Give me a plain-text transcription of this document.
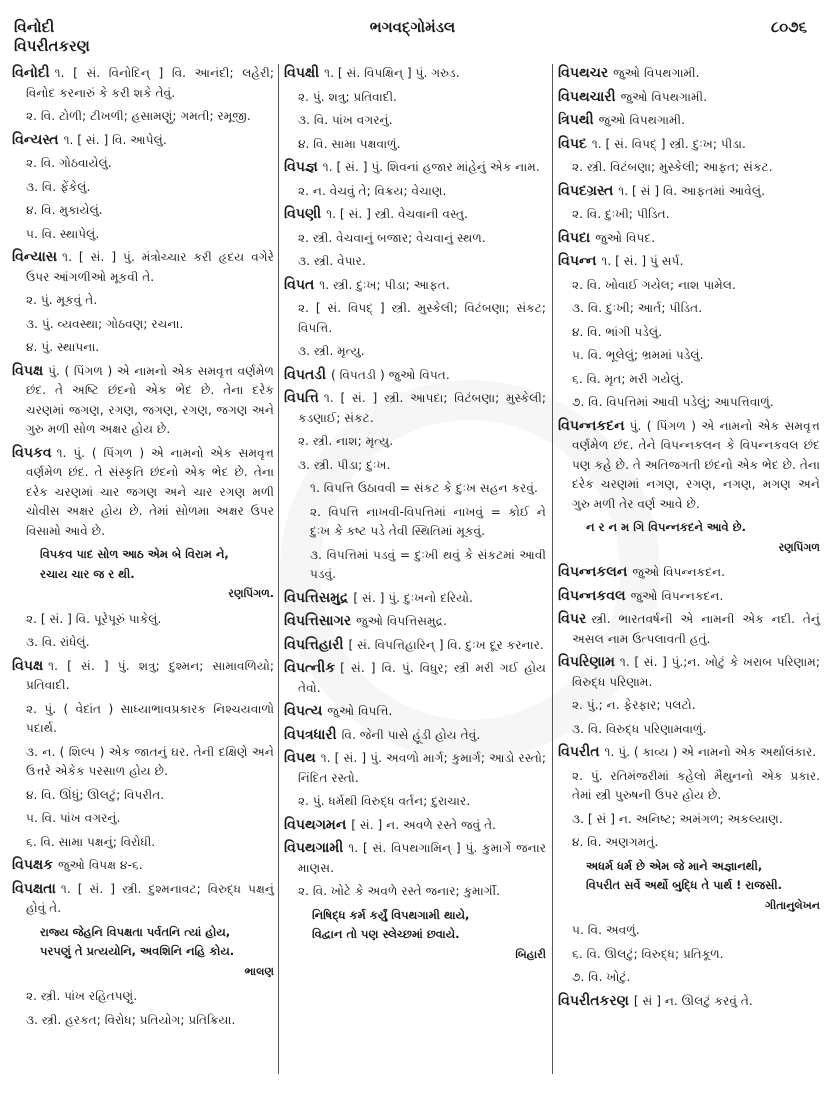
વિનોદી
વિપરીતકરણ
ભગવદ્ગોમંડલ	૮૦૭૬

વિનોદી ૧. [ સં. વિનોદિન્ ] વિ. આનંદી; લહેરી; વિનોદ કરનારું કે કરી શકે તેવું.

૨. વિ. ટોળી; ટીખળી; હસામણું; ગમતી; રમૂજી.

વિન્યસ્ત ૧. [ સં. ] વિ. આપેલું.

૨. વિ. ગોઠવાયેલું.

૩. વિ. ફેંકેલું.

૪. વિ. મુકાયેલું.

૫. વિ. સ્થાપેલું.

વિન્યાસ ૧. [ સં. ] પું. મંત્રોચ્ચાર કરી હૃદય વગેરે ઉપર આંગળીઓ મૂકવી તે.

૨. પું. મૂકવું તે.

૩. પું. વ્યવસ્થા; ગોઠવણ; રચના.

૪. પું. સ્થાપના.

વિપક્ષ પું. ( પિંગળ ) એ નામનો એક સમવૃત્ત વર્ણમેળ છંદ. તે અષ્ટિ છંદનો એક ભેદ છે. તેના દરેક ચરણમાં જગણ, રગણ, જગણ, રગણ, જગણ અને ગુરુ મળી સોળ અક્ષર હોય છે.

વિપકવ ૧. પું. ( પિંગળ ) એ નામનો એક સમવૃત્ત વર્ણમેળ છંદ. તે સંસ્કૃતિ છંદનો એક ભેદ છે. તેના દરેક ચરણમાં ચાર જગણ અને ચાર રગણ મળી ચોવીસ અક્ષર હોય છે. તેમાં સોળમા અક્ષર ઉપર વિસામો આવે છે.

વિપકવ પાદ સોળ આઠ એમ બે વિરામ ને,

રચાય ચાર જ ર થી.

રણપિંગળ.

૨. [ સં. ] વિ. પૂરેપૂરું પાકેલું.

૩. વિ. રાંધેલું.

વિપક્ષ ૧. [ સં. ] પું. શત્રુ; દુશ્મન; સામાવળિયો; પ્રતિવાદી.

૨. પું. ( વેદાંત ) સાધ્યાભાવપ્રકારક નિશ્ચયવાળો પદાર્થ.

૩. ન. ( શિલ્પ ) એક જાતનું ઘર. તેની દક્ષિણે અને ઉત્તરે એકેક પરસાળ હોય છે.

૪. વિ. ઊંધું; ઊલટું; વિપરીત.

૫. વિ. પાંખ વગરનું.

૬. વિ. સામા પક્ષનું; વિરોધી.

વિપક્ષક જુઓ વિપક્ષ ૪-૬.

વિપક્ષતા ૧. [ સં. ] સ્ત્રી. દુશ્મનાવટ; વિરુદ્ધ પક્ષનું હોવું તે.

રાજ્ય જેહનિ વિપક્ષતા પર્વતનિ ત્યાં હોય,

પરપણું તે પ્રત્યયોનિ, અવશિનિ નહિ કોય.

ભાલણ

૨. સ્ત્રી. પાંખ રહિતપણું.

૩. સ્ત્રી. હરકત; વિરોધ; પ્રતિયોગ; પ્રતિક્રિયા.

વિપક્ષી ૧. [ સં. વિપક્ષિન્ ] પું. ગરુડ.

૨. પું. શત્રુ; પ્રતિવાદી.

૩. વિ. પાંખ વગરનું.

૪. વિ. સામા પક્ષવાળું.

વિપજ્ઞ ૧. [ સં. ] પું. શિવનાં હજાર માંહેનું એક નામ.

૨. ન. વેચવું તે; વિક્રય; વેચાણ.

વિપણી ૧. [ સં. ] સ્ત્રી. વેચવાની વસ્તુ.

૨. સ્ત્રી. વેચવાનું બજાર; વેચવાનું સ્થળ.

૩. સ્ત્રી. વેપાર.

વિપત ૧. સ્ત્રી. દુઃખ; પીડા; આફત.

૨. [ સં. વિપદ્ ] સ્ત્રી. મુસ્કેલી; વિટંબણા; સંકટ; વિપત્તિ.

૩. સ્ત્રી. મૃત્યુ.

વિપતડી ( વિપતડી ) જુઓ વિપત.

વિપત્તિ ૧. [ સં. ] સ્ત્રી. આપદા; વિટંબણા; મુસ્કેલી; કડણાઈ; સંકટ.

૨. સ્ત્રી. નાશ; મૃત્યુ.

૩. સ્ત્રી. પીડા; દુઃખ.

૧. વિપત્તિ ઉઠાવવી = સંકટ કે દુઃખ સહન કરવું.

૨. વિપત્તિ નાખવી-વિપત્તિમાં નાખવું = કોઈ ને દુઃખ કે કષ્ટ પડે તેવી સ્થિતિમાં મૂકવું.

૩. વિપત્તિમાં પડવું = દુઃખી થવું કે સંકટમાં આવી પડવું.

વિપત્તિસમુદ્ર [ સં. ] પું. દુઃખનો દરિયો.

વિપત્તિસાગર જુઓ વિપત્તિસમુદ્ર.

વિપત્તિહારી [ સં. વિપત્તિહારિન્ ] વિ. દુઃખ દૂર કરનાર.

વિપત્નીક [ સં. ] વિ. પું. વિધુર; સ્ત્રી મરી ગઈ હોય તેવો.

વિપત્ય જુઓ વિપત્તિ.

વિપત્રધારી વિ. જેની પાસે હૂંડી હોય તેવું.

વિપથ ૧. [ સં. ] પું. અવળો માર્ગ; કુમાર્ગ; આડો રસ્તો; નિંદિત રસ્તો.

૨. પું. ધર્મથી વિરુદ્ધ વર્તન; દુરાચાર.

વિપથગમન [ સં. ] ન. અવળે રસ્તે જવું તે.

વિપથગામી ૧. [ સં. વિપથગામિન્ ] પું. કુમાર્ગે જનાર માણસ.

૨. વિ. ખોટે કે અવળે રસ્તે જનાર; કુમાર્ગી.

નિષિદ્ધ કર્મ કર્યું વિપથગામી થાયે,

વિદ્વાન તો પણ સ્લેચ્છમાં છવાયે.

બિહારી

વિપથચર જુઓ વિપથગામી.

વિપથચારી જુઓ વિપથગામી.

ત્રિપથી જુઓ વિપથગામી.

વિપદ ૧. [ સં. વિપદ્ ] સ્ત્રી. દુઃખ; પીડા.

૨. સ્ત્રી. વિટંબણા; મુસ્કેલી; આફત; સંકટ.

વિપદગ્રસ્ત ૧. [ સં ] વિ. આફતમાં આવેલું.

૨. વિ. દુઃખી; પીડિત.

વિપદા જુઓ વિપદ.

વિપન્ન ૧. [ સં. ] પું સર્પ.

૨. વિ. ખોવાઈ ગયેલ; નાશ પામેલ.

૩. વિ. દુઃખી; આર્ત; પીડિત.

૪. વિ. ભાંગી પડેલું.

૫. વિ. ભૂલેલું; ભ્રમમાં પડેલું.

૬. વિ. મૃત; મરી ગયેલું.

૭. વિ. વિપત્તિમાં આવી પડેલું; આપત્તિવાળું.

વિપન્નકદન પું. ( પિંગળ ) એ નામનો એક સમવૃત્ત વર્ણમેળ છંદ. તેને વિપન્નકલન કે વિપન્નકવલ છંદ પણ કહે છે. તે અતિજગતી છંદનો એક ભેદ છે. તેના દરેક ચરણમાં નગણ, રગણ, નગણ, મગણ અને ગુરુ મળી તેર વર્ણ આવે છે.

ન ર ન મ ગિ વિપન્નકદને આવે છે.

રણપિંગળ

વિપન્નકલન જુઓ વિપન્નકદન.

વિપન્નકવલ જુઓ વિપન્નકદન.

વિપર સ્ત્રી. ભારતવર્ષની એ નામની એક નદી. તેનું અસલ નામ ઉત્પલાવતી હતું.

વિપરિણામ ૧. [ સં. ] પું.;ન. ખોટું કે ખરાબ પરિણામ; વિરુદ્ધ પરિણામ.

૨. પું.; ન. ફેરફાર; પલટો.

૩. વિ. વિરુદ્ધ પરિણામવાળું.

વિપરીત ૧. પું. ( કાવ્ય ) એ નામનો એક અર્થાલંકાર.

૨. પું. રતિમંજરીમાં કહેલો મૈથુનનો એક પ્રકાર. તેમાં સ્ત્રી પુરુષની ઉપર હોય છે.

૩. [ સં ] ન. અનિષ્ટ; અમંગળ; અકલ્યાણ.

૪. વિ. અણગમતું.

અધર્મ ધર્મ છે એમ જે માને અજ્ઞાનથી,

વિપરીત સર્વે અર્થો બુદ્ધિ તે પાર્થ ! રાજસી.

ગીતાનુલેખન

૫. વિ. અવળું.

૬. વિ. ઊલટું; વિરુદ્ધ; પ્રતિકૂળ.

૭. વિ. ખોટું.

વિપરીતકરણ [ સં ] ન. ઊલટું કરવું તે.
